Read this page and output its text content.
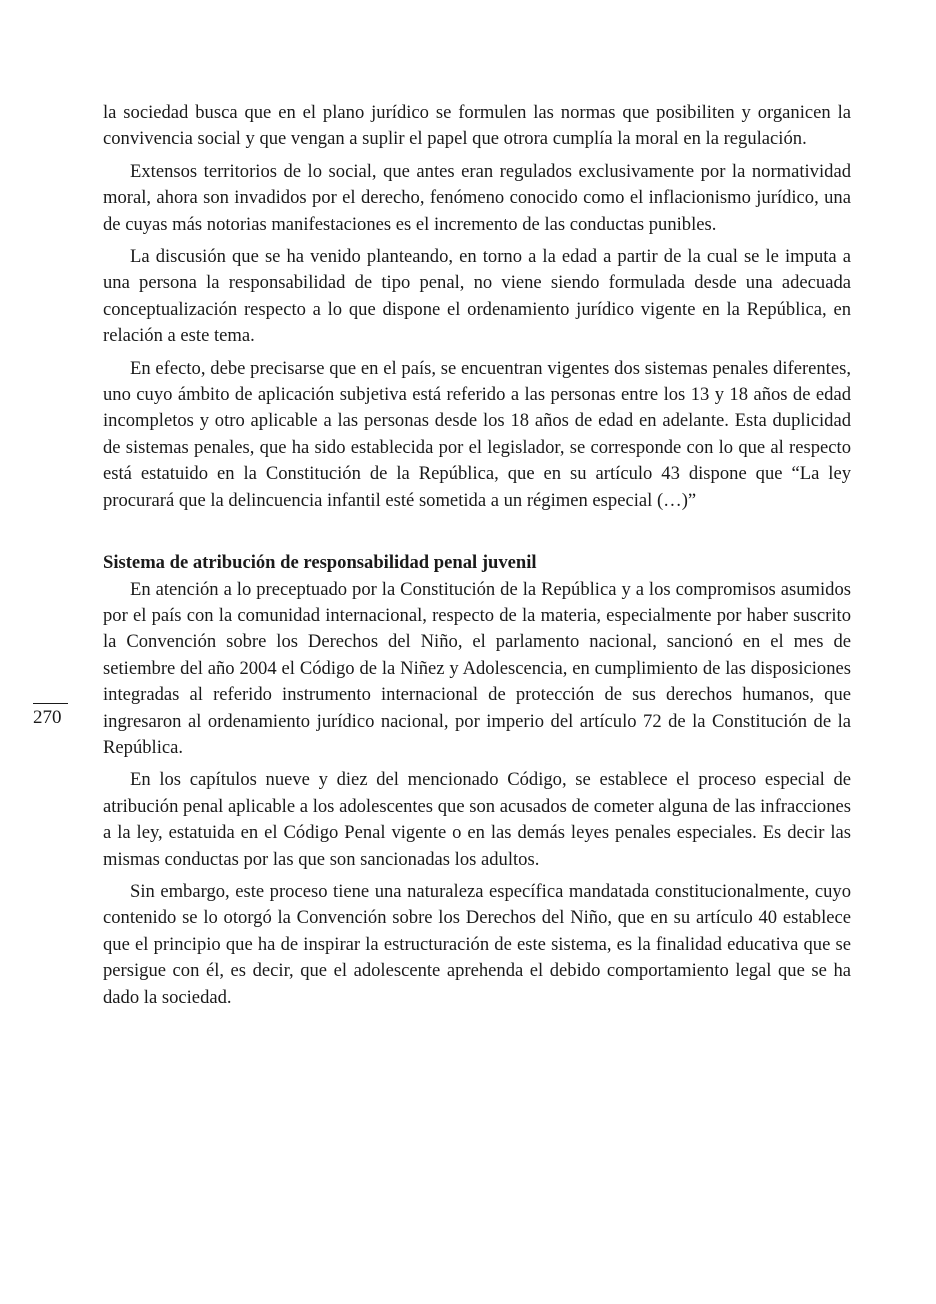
270

la sociedad busca que en el plano jurídico se formulen las normas que posibiliten y organicen la convivencia social y que vengan a suplir el papel que otrora cumplía la moral en la regulación.

Extensos territorios de lo social, que antes eran regulados exclusivamente por la normatividad moral, ahora son invadidos por el derecho, fenómeno conocido como el inflacionismo jurídico, una de cuyas más notorias manifestaciones es el incremento de las conductas punibles.

La discusión que se ha venido planteando, en torno a la edad a partir de la cual se le imputa a una persona la responsabilidad de tipo penal, no viene siendo formulada desde una adecuada conceptualización respecto a lo que dispone el ordenamiento jurídico vigente en la República, en relación a este tema.

En efecto, debe precisarse que en el país, se encuentran vigentes dos sistemas penales diferentes, uno cuyo ámbito de aplicación subjetiva está referido a las personas entre los 13 y 18 años de edad incompletos y otro aplicable a las personas desde los 18 años de edad en adelante. Esta duplicidad de sistemas penales, que ha sido establecida por el legislador, se corresponde con lo que al respecto está estatuido en la Constitución de la República, que en su artículo 43 dispone que “La ley procurará que la delincuencia infantil esté sometida a un régimen especial (…)”

Sistema de atribución de responsabilidad penal juvenil

En atención a lo preceptuado por la Constitución de la República y a los compromisos asumidos por el país con la comunidad internacional, respecto de la materia, especialmente por haber suscrito la Convención sobre los Derechos del Niño, el parlamento nacional, sancionó en el mes de setiembre del año 2004 el Código de la Niñez y Adolescencia, en cumplimiento de las disposiciones integradas al referido instrumento internacional de protección de sus derechos humanos, que ingresaron al ordenamiento jurídico nacional, por imperio del artículo 72 de la Constitución de la República.

En los capítulos nueve y diez del mencionado Código, se establece el proceso especial de atribución penal aplicable a los adolescentes que son acusados de cometer alguna de las infracciones a la ley, estatuida en el Código Penal vigente o en las demás leyes penales especiales. Es decir las mismas conductas por las que son sancionadas los adultos.

Sin embargo, este proceso tiene una naturaleza específica mandatada constitucionalmente, cuyo contenido se lo otorgó la Convención sobre los Derechos del Niño, que en su artículo 40 establece que el principio que ha de inspirar la estructuración de este sistema, es la finalidad educativa que se persigue con él, es decir, que el adolescente aprehenda el debido comportamiento legal que se ha dado la sociedad.
